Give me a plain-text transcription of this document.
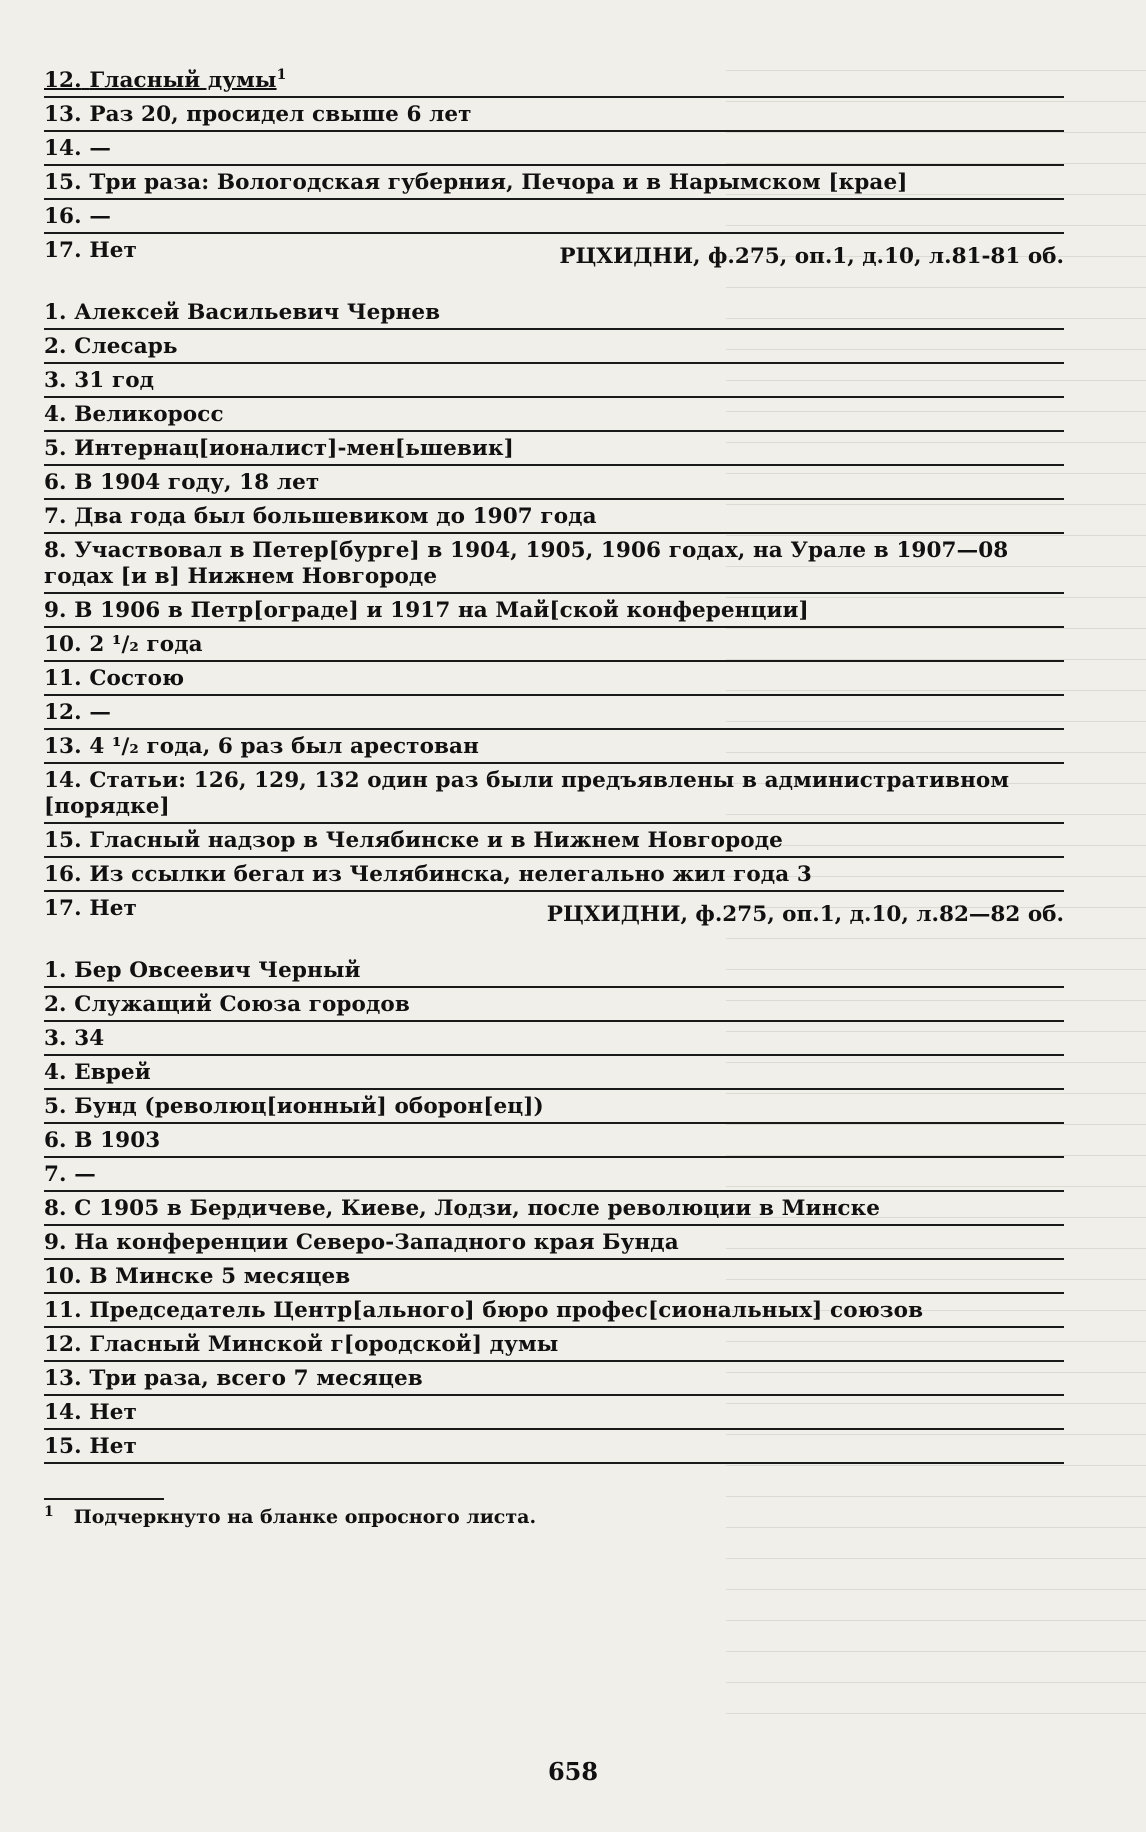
12. Гласный думы$^1$
13. Раз 20, просидел свыше 6 лет
14. —
15. Три раза: Вологодская губерния, Печора и в Нарымском [крае]
16. —
17. Нет	РЦХИДНИ, ф.275, оп.1, д.10, л.81-81 об.
1. Алексей Васильевич Чернев
2. Слесарь
3. 31 год
4. Великоросс
5. Интернац[ионалист]-мен[ьшевик]
6. В 1904 году, 18 лет
7. Два года был большевиком до 1907 года
8. Участвовал в Петер[бурге] в 1904, 1905, 1906 годах, на Урале в 1907—08 годах [и в] Нижнем Новгороде
9. В 1906 в Петр[ограде] и 1917 на Май[ской конференции]
10. 2 ¹/₂ года
11. Состою
12. —
13. 4 ¹/₂ года, 6 раз был арестован
14. Статьи: 126, 129, 132 один раз были предъявлены в административном [порядке]
15. Гласный надзор в Челябинске и в Нижнем Новгороде
16. Из ссылки бегал из Челябинска, нелегально жил года 3
17. Нет	РЦХИДНИ, ф.275, оп.1, д.10, л.82—82 об.
1. Бер Овсеевич Черный
2. Служащий Союза городов
3. 34
4. Еврей
5. Бунд (революц[ионный] оборон[ец])
6. В 1903
7. —
8. С 1905 в Бердичеве, Киеве, Лодзи, после революции в Минске
9. На конференции Северо-Западного края Бунда
10. В Минске 5 месяцев
11. Председатель Центр[ального] бюро профес[сиональных] союзов
12. Гласный Минской г[ородской] думы
13. Три раза, всего 7 месяцев
14. Нет
15. Нет
$^1$ Подчеркнуто на бланке опросного листа.
658
